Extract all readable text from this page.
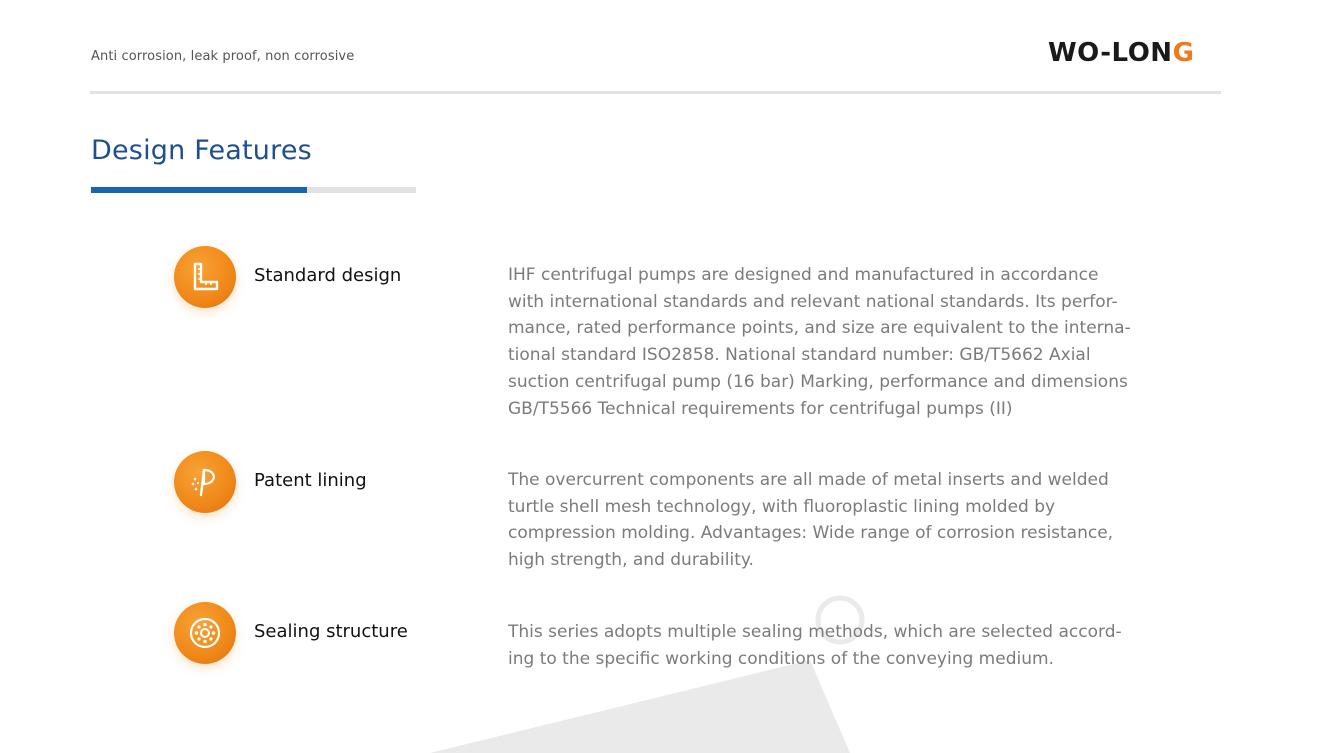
Anti corrosion, leak proof, non corrosive	WO-LONG
Design Features
Standard design	IHF centrifugal pumps are designed and manufactured in accordance with international standards and relevant national standards. Its perfor-mance, rated performance points, and size are equivalent to the interna-tional standard ISO2858. National standard number: GB/T5662 Axial suction centrifugal pump (16 bar) Marking, performance and dimensions GB/T5566 Technical requirements for centrifugal pumps (II)
Patent lining	The overcurrent components are all made of metal inserts and welded turtle shell mesh technology, with fluoroplastic lining molded by compression molding. Advantages: Wide range of corrosion resistance, high strength, and durability.
Sealing structure	This series adopts multiple sealing methods, which are selected accord-ing to the specific working conditions of the conveying medium.
